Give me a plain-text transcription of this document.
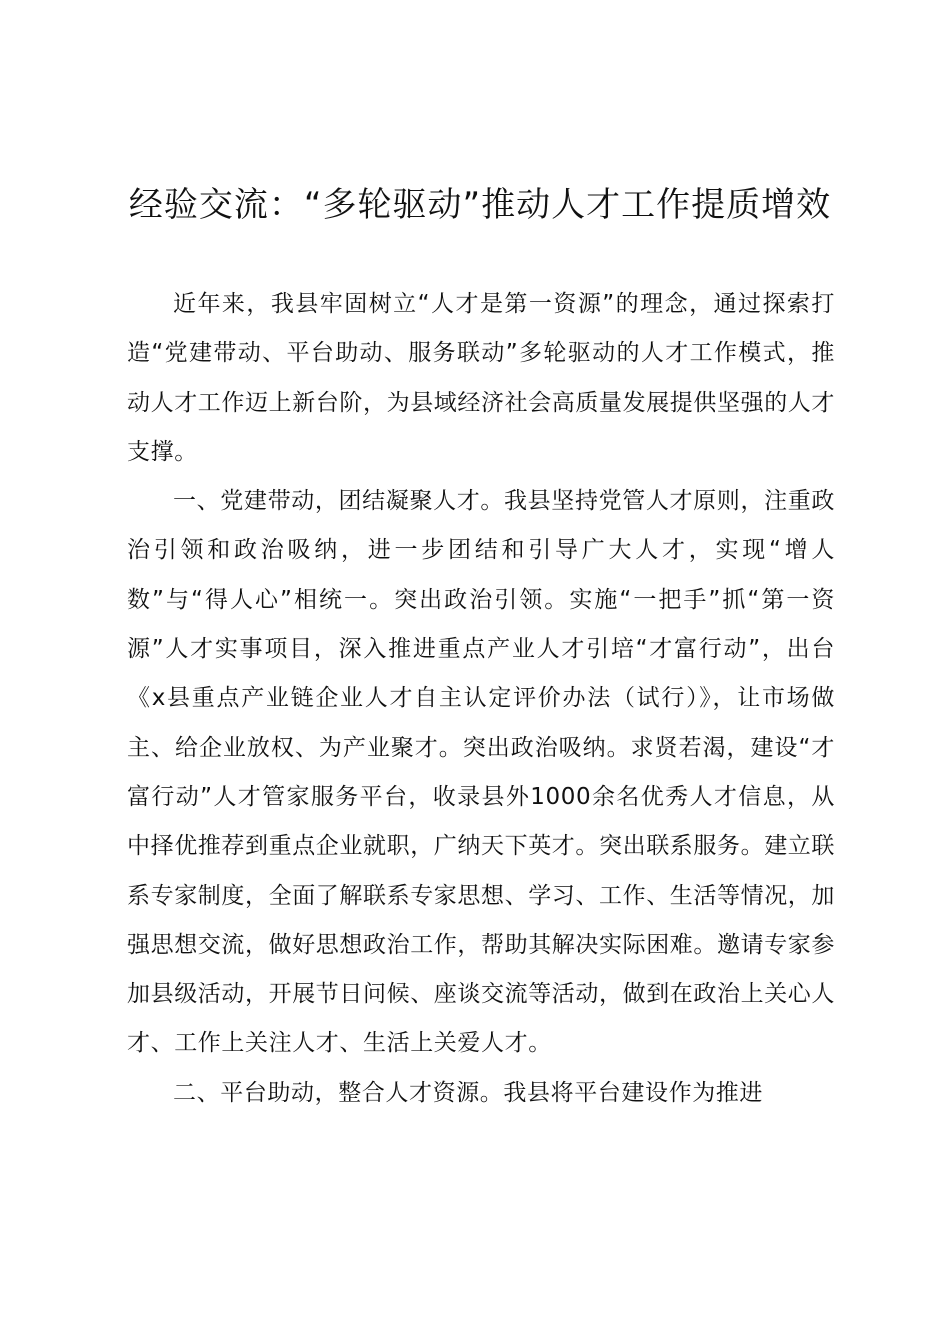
经验交流：“多轮驱动”推动人才工作提质增效

近年来，我县牢固树立“人才是第一资源”的理念，通过探索打造“党建带动、平台助动、服务联动”多轮驱动的人才工作模式，推动人才工作迈上新台阶，为县域经济社会高质量发展提供坚强的人才支撑。

一、党建带动，团结凝聚人才。我县坚持党管人才原则，注重政治引领和政治吸纳，进一步团结和引导广大人才，实现“增人数”与“得人心”相统一。突出政治引领。实施“一把手”抓“第一资源”人才实事项目，深入推进重点产业人才引培“才富行动”，出台《x县重点产业链企业人才自主认定评价办法（试行）》，让市场做主、给企业放权、为产业聚才。突出政治吸纳。求贤若渴，建设“才富行动”人才管家服务平台，收录县外1000余名优秀人才信息，从中择优推荐到重点企业就职，广纳天下英才。突出联系服务。建立联系专家制度，全面了解联系专家思想、学习、工作、生活等情况，加强思想交流，做好思想政治工作，帮助其解决实际困难。邀请专家参加县级活动，开展节日问候、座谈交流等活动，做到在政治上关心人才、工作上关注人才、生活上关爱人才。

二、平台助动，整合人才资源。我县将平台建设作为推进
